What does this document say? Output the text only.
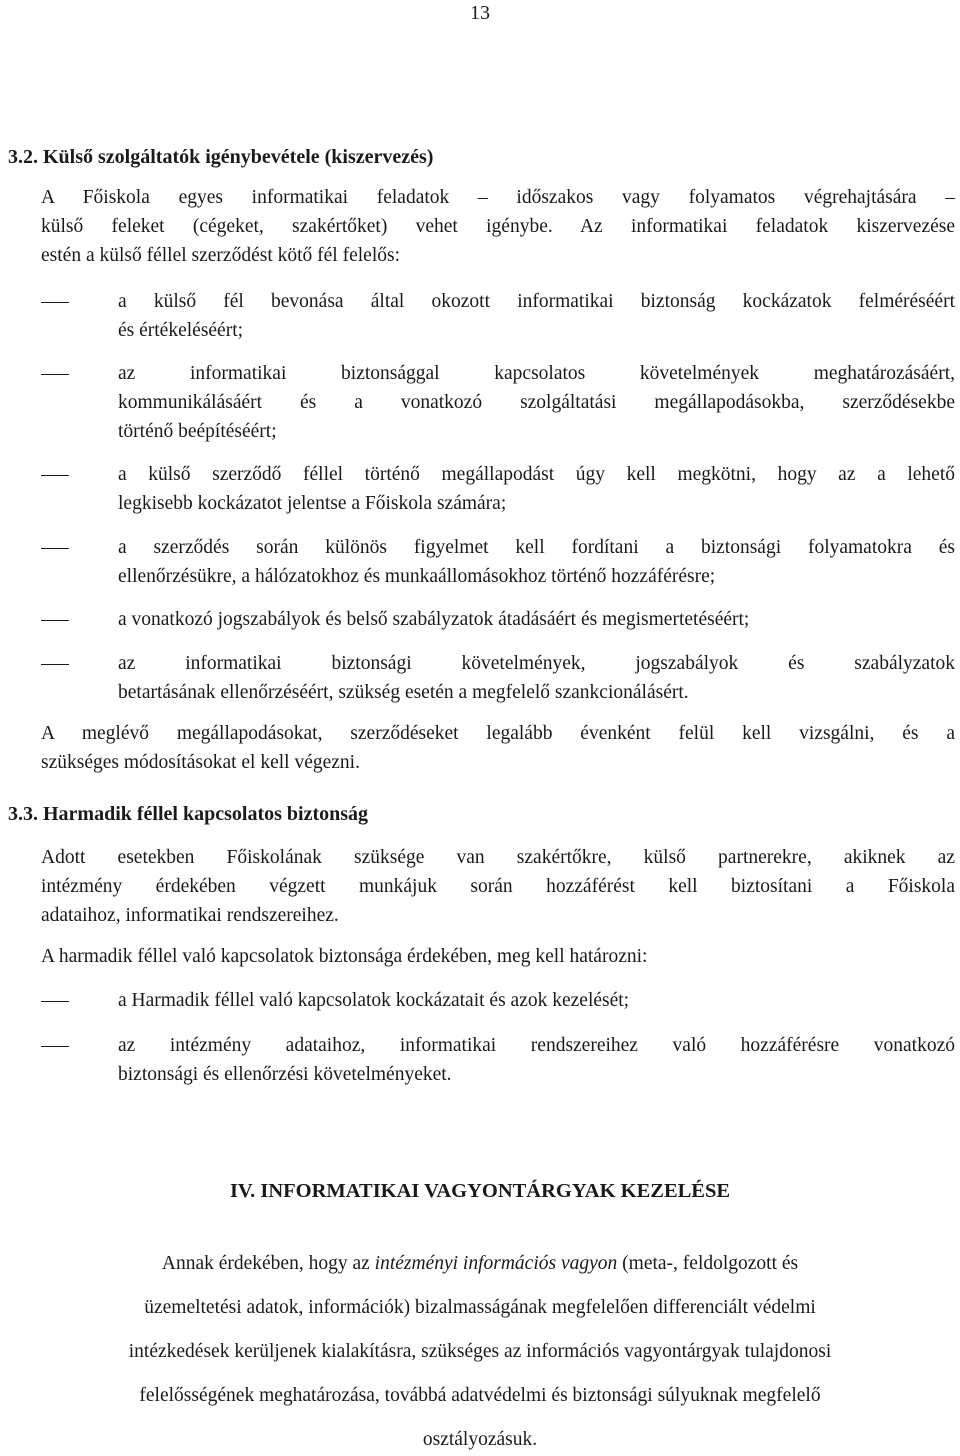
13
3.2. Külső szolgáltatók igénybevétele (kiszervezés)
A Főiskola egyes informatikai feladatok – időszakos vagy folyamatos végrehajtására –
külső feleket (cégeket, szakértőket) vehet igénybe. Az informatikai feladatok kiszervezése
estén a külső féllel szerződést kötő fél felelős:
a külső fél bevonása által okozott informatikai biztonság kockázatok felméréséért
és értékeléséért;
az informatikai biztonsággal kapcsolatos követelmények meghatározásáért,
kommunikálásáért és a vonatkozó szolgáltatási megállapodásokba, szerződésekbe
történő beépítéséért;
a külső szerződő féllel történő megállapodást úgy kell megkötni, hogy az a lehető
legkisebb kockázatot jelentse a Főiskola számára;
a szerződés során különös figyelmet kell fordítani a biztonsági folyamatokra és
ellenőrzésükre, a hálózatokhoz és munkaállomásokhoz történő hozzáférésre;
a vonatkozó jogszabályok és belső szabályzatok átadásáért és megismertetéséért;
az informatikai biztonsági követelmények, jogszabályok és szabályzatok
betartásának ellenőrzéséért, szükség esetén a megfelelő szankcionálásért.
A meglévő megállapodásokat, szerződéseket legalább évenként felül kell vizsgálni, és a
szükséges módosításokat el kell végezni.
3.3. Harmadik féllel kapcsolatos biztonság
Adott esetekben Főiskolának szüksége van szakértőkre, külső partnerekre, akiknek az
intézmény érdekében végzett munkájuk során hozzáférést kell biztosítani a Főiskola
adataihoz, informatikai rendszereihez.
A harmadik féllel való kapcsolatok biztonsága érdekében, meg kell határozni:
a Harmadik féllel való kapcsolatok kockázatait és azok kezelését;
az intézmény adataihoz, informatikai rendszereihez való hozzáférésre vonatkozó
biztonsági és ellenőrzési követelményeket.
IV. INFORMATIKAI VAGYONTÁRGYAK KEZELÉSE
Annak érdekében, hogy az intézményi információs vagyon (meta-, feldolgozott és
üzemeltetési adatok, információk) bizalmasságának megfelelően differenciált védelmi
intézkedések kerüljenek kialakításra, szükséges az információs vagyontárgyak tulajdonosi
felelősségének meghatározása, továbbá adatvédelmi és biztonsági súlyuknak megfelelő
osztályozásuk.
